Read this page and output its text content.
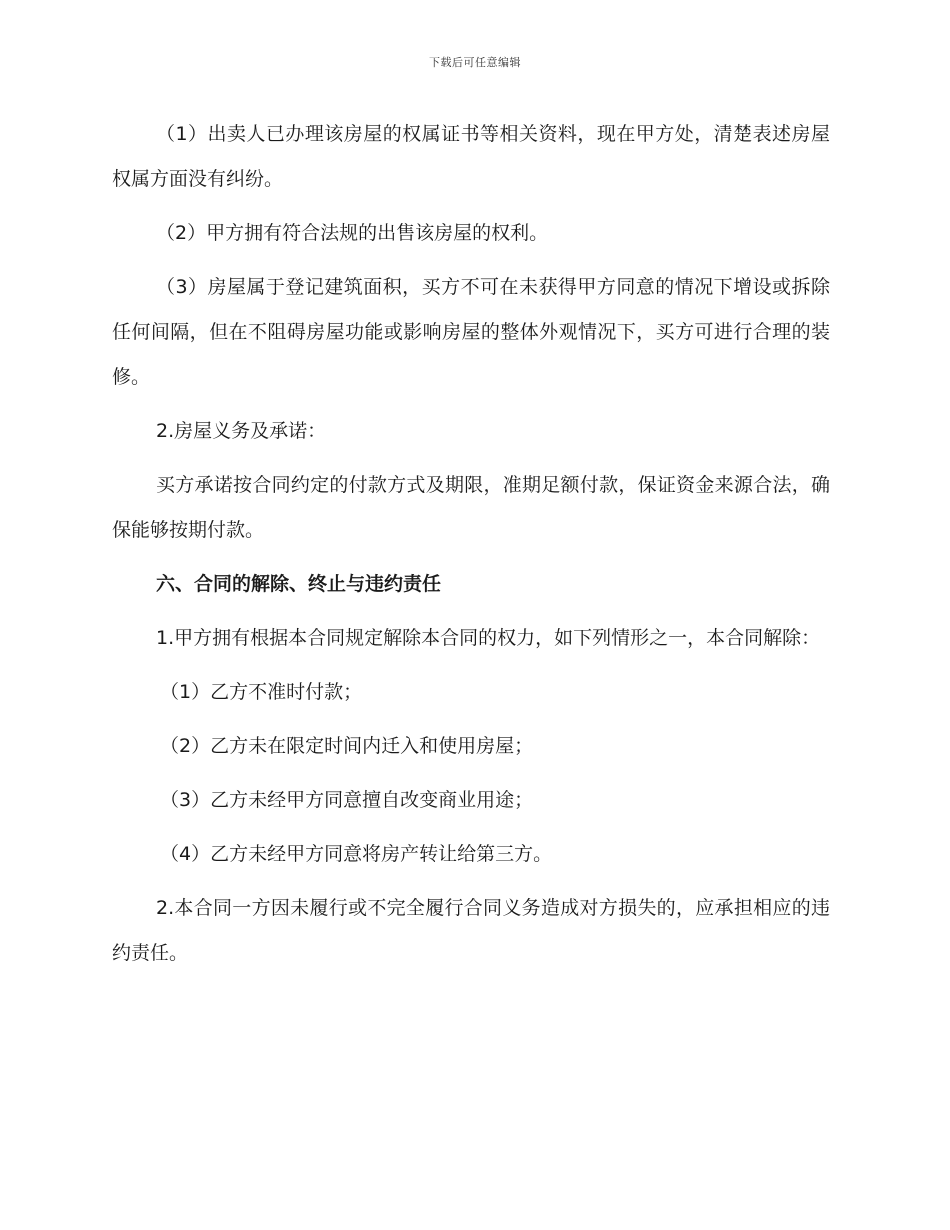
下载后可任意编辑

（1）出卖人已办理该房屋的权属证书等相关资料，现在甲方处，清楚表述房屋权属方面没有纠纷。

（2）甲方拥有符合法规的出售该房屋的权利。

（3）房屋属于登记建筑面积，买方不可在未获得甲方同意的情况下增设或拆除任何间隔，但在不阻碍房屋功能或影响房屋的整体外观情况下，买方可进行合理的装修。

2.房屋义务及承诺：

买方承诺按合同约定的付款方式及期限，准期足额付款，保证资金来源合法，确保能够按期付款。

六、合同的解除、终止与违约责任

1.甲方拥有根据本合同规定解除本合同的权力，如下列情形之一，本合同解除：

（1）乙方不准时付款；

（2）乙方未在限定时间内迁入和使用房屋；

（3）乙方未经甲方同意擅自改变商业用途；

（4）乙方未经甲方同意将房产转让给第三方。

2.本合同一方因未履行或不完全履行合同义务造成对方损失的，应承担相应的违约责任。
